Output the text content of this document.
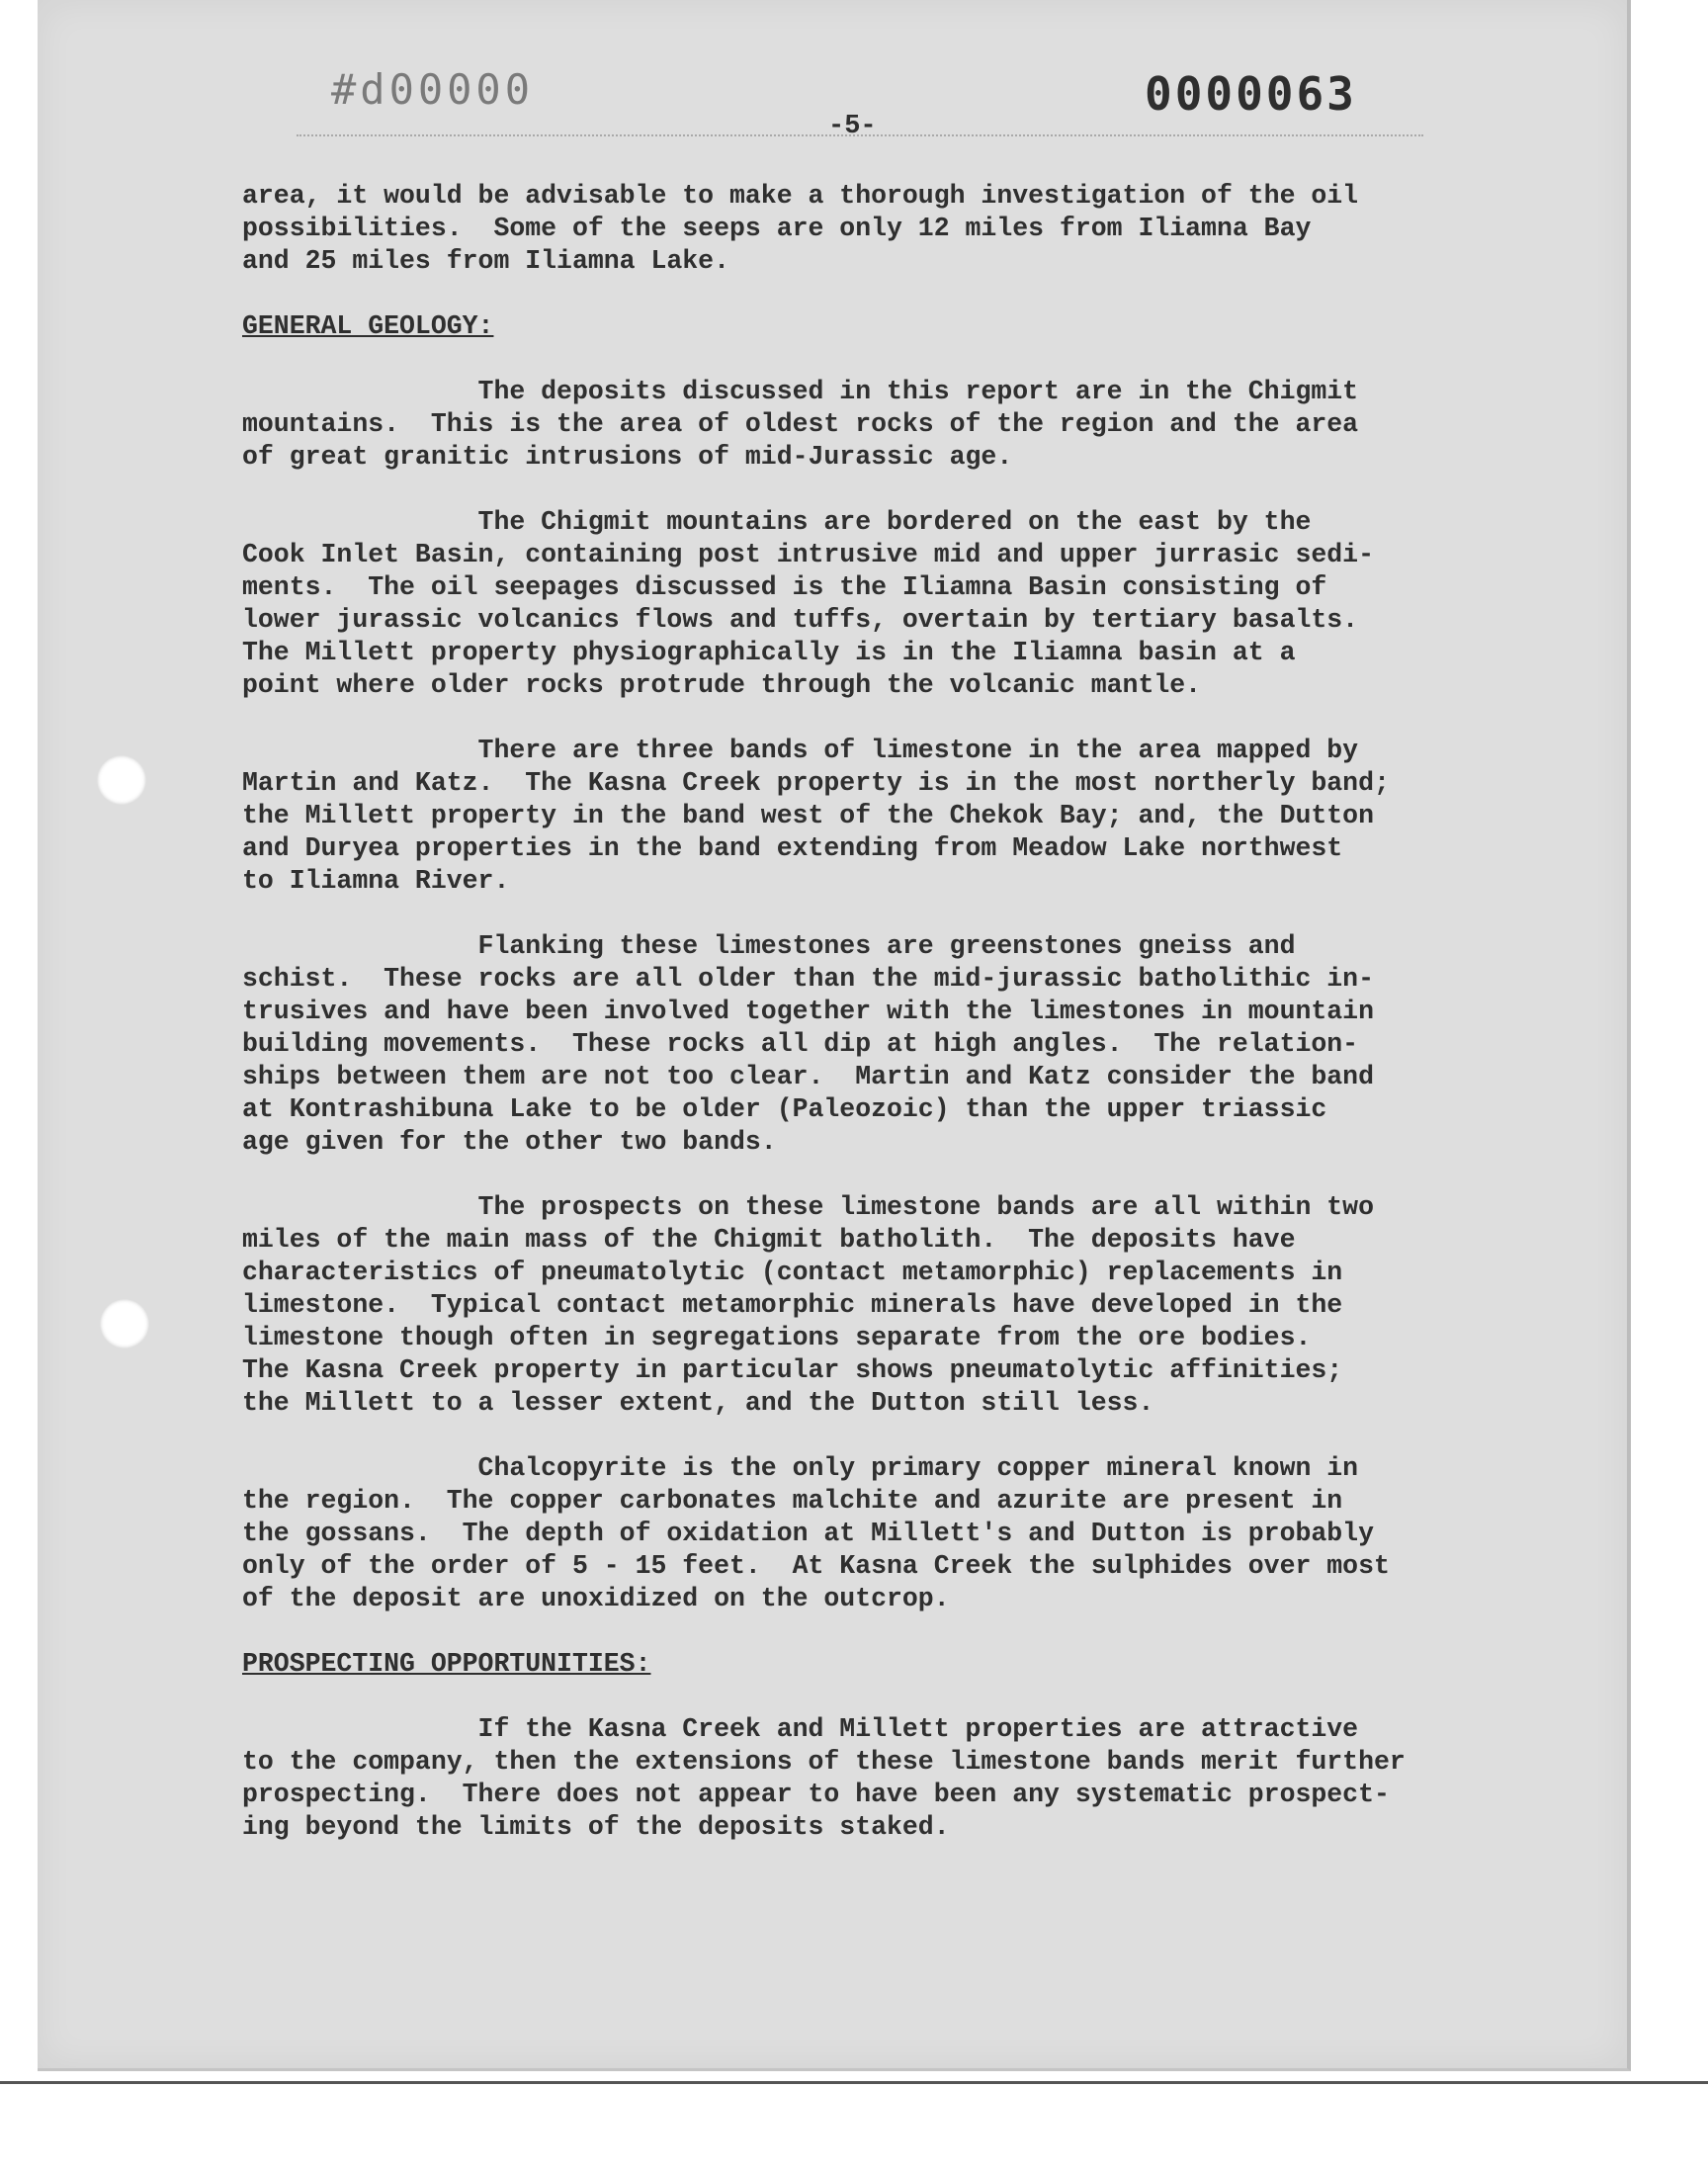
#d00000	0000063
-5-
area, it would be advisable to make a thorough investigation of the oil
possibilities.  Some of the seeps are only 12 miles from Iliamna Bay
and 25 miles from Iliamna Lake.
GENERAL GEOLOGY:
The deposits discussed in this report are in the Chigmit
mountains.  This is the area of oldest rocks of the region and the area
of great granitic intrusions of mid-Jurassic age.
The Chigmit mountains are bordered on the east by the
Cook Inlet Basin, containing post intrusive mid and upper jurrasic sedi-
ments.  The oil seepages discussed is the Iliamna Basin consisting of
lower jurassic volcanics flows and tuffs, overtain by tertiary basalts.
The Millett property physiographically is in the Iliamna basin at a
point where older rocks protrude through the volcanic mantle.
There are three bands of limestone in the area mapped by
Martin and Katz.  The Kasna Creek property is in the most northerly band;
the Millett property in the band west of the Chekok Bay; and, the Dutton
and Duryea properties in the band extending from Meadow Lake northwest
to Iliamna River.
Flanking these limestones are greenstones gneiss and
schist.  These rocks are all older than the mid-jurassic batholithic in-
trusives and have been involved together with the limestones in mountain
building movements.  These rocks all dip at high angles.  The relation-
ships between them are not too clear.  Martin and Katz consider the band
at Kontrashibuna Lake to be older (Paleozoic) than the upper triassic
age given for the other two bands.
The prospects on these limestone bands are all within two
miles of the main mass of the Chigmit batholith.  The deposits have
characteristics of pneumatolytic (contact metamorphic) replacements in
limestone.  Typical contact metamorphic minerals have developed in the
limestone though often in segregations separate from the ore bodies.
The Kasna Creek property in particular shows pneumatolytic affinities;
the Millett to a lesser extent, and the Dutton still less.
Chalcopyrite is the only primary copper mineral known in
the region.  The copper carbonates malchite and azurite are present in
the gossans.  The depth of oxidation at Millett's and Dutton is probably
only of the order of 5 - 15 feet.  At Kasna Creek the sulphides over most
of the deposit are unoxidized on the outcrop.
PROSPECTING OPPORTUNITIES:
If the Kasna Creek and Millett properties are attractive
to the company, then the extensions of these limestone bands merit further
prospecting.  There does not appear to have been any systematic prospect-
ing beyond the limits of the deposits staked.
